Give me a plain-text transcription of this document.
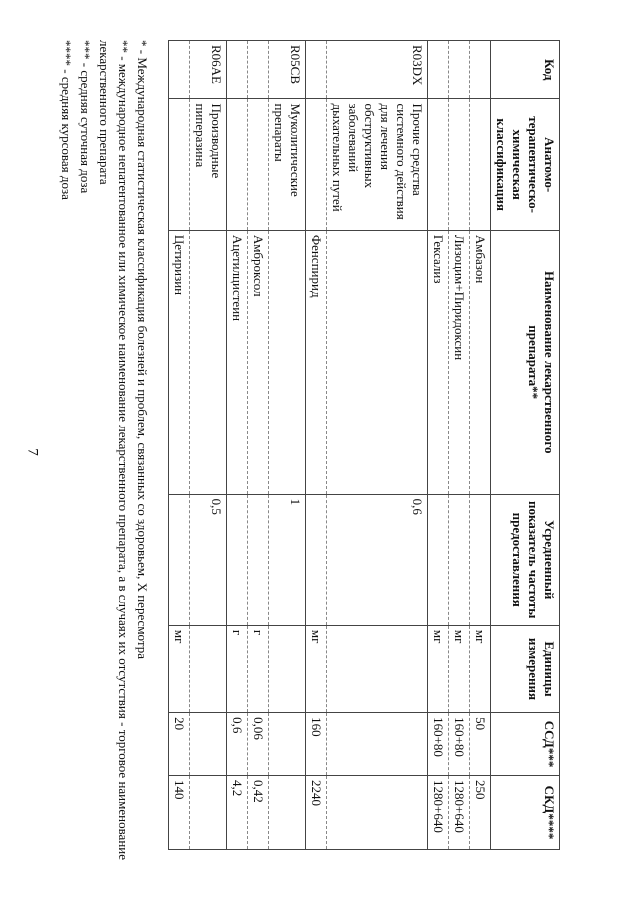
7
Код	Анатомо-терапевтическо-химическая классификация	Наименование лекарственного препарата**	Усредненный показатель частоты предоставления	Единицы измерения	ССД***	СКД****
		Амбазон		мг	50	250
		Лизоцим+Пиридоксин		мг	160+80	1280+640
		Гексализ		мг	160+80	1280+640
R03DX	Прочие средства системного действия для лечения обструктивных заболеваний дыхательных путей		0,6			
		Фенспирид		мг	160	2240
R05CB	Муколитические препараты		1			
		Амброксол		г	0,06	0,42
		Ацетилцистеин		г	0,6	4,2
R06AE	Производные пиперазина		0,5			
		Цетиризин		мг	20	140
* - Международная статистическая классификация болезней и проблем, связанных со здоровьем, X пересмотра
** - международное непатентованное или химическое наименование лекарственного препарата, а в случаях их отсутствия - торговое наименование лекарственного препарата
*** - средняя суточная доза
**** - средняя курсовая доза
